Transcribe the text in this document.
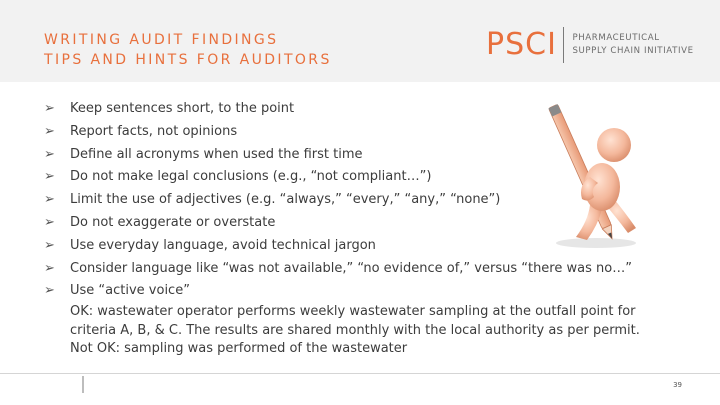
WRITING AUDIT FINDINGS
TIPS AND HINTS FOR AUDITORS	PSCI PHARMACEUTICAL
SUPPLY CHAIN INITIATIVE
➢ Keep sentences short, to the point
➢ Report facts, not opinions
➢ Define all acronyms when used the first time
➢ Do not make legal conclusions (e.g., “not compliant…”)
➢ Limit the use of adjectives (e.g. “always,” “every,” “any,” “none”)
➢ Do not exaggerate or overstate
➢ Use everyday language, avoid technical jargon
➢ Consider language like “was not available,” “no evidence of,” versus “there was no…”
➢ Use “active voice”
OK: wastewater operator performs weekly wastewater sampling at the outfall point for
criteria A, B, & C. The results are shared monthly with the local authority as per permit.
Not OK: sampling was performed of the wastewater
39
